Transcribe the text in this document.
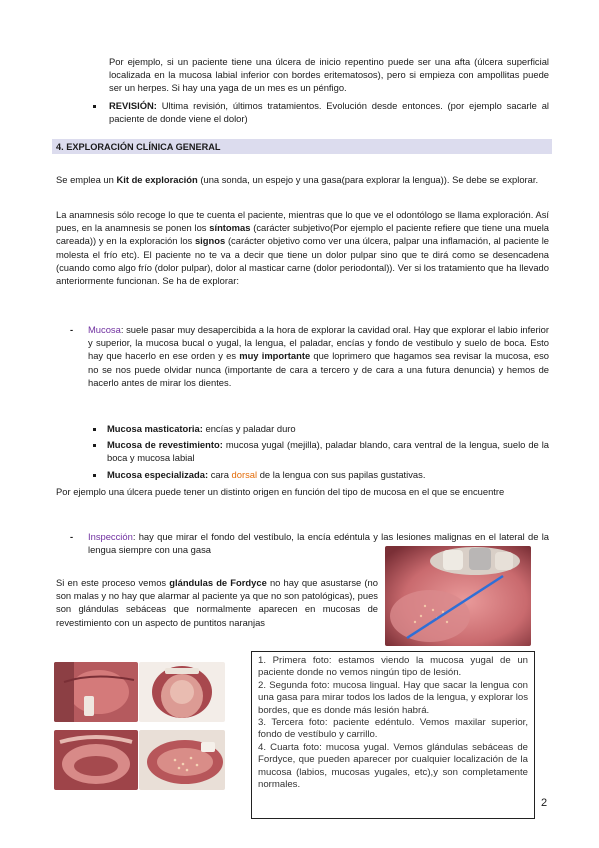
Por ejemplo, si un paciente tiene una úlcera de inicio repentino puede ser una afta (úlcera superficial localizada en la mucosa labial inferior con bordes eritematosos), pero si empieza con ampollitas puede ser un herpes. Si hay una yaga de un mes es un pénfigo.

REVISIÓN: Ultima revisión, últimos tratamientos. Evolución desde entonces. (por ejemplo sacarle al paciente de donde viene el dolor)

4. EXPLORACIÓN CLÍNICA GENERAL

Se emplea un Kit de exploración (una sonda, un espejo y una gasa(para explorar la lengua)). Se debe se explorar.

La anamnesis sólo recoge lo que te cuenta el paciente, mientras que lo que ve el odontólogo se llama exploración. Así pues, en la anamnesis se ponen los síntomas (carácter subjetivo(Por ejemplo el paciente refiere que tiene una muela careada)) y en la exploración los signos (carácter objetivo como ver una úlcera, palpar una inflamación, al paciente le molesta el frío etc). El paciente no te va a decir que tiene un dolor pulpar sino que te dirá como se desencadena (cuando como algo frío (dolor pulpar), dolor al masticar carne (dolor periodontal)). Ver si los tratamiento que ha llevado anteriormente funcionan. Se ha de explorar:

- Mucosa: suele pasar muy desapercibida a la hora de explorar la cavidad oral. Hay que explorar el labio inferior y superior, la mucosa bucal o yugal, la lengua, el paladar, encías y fondo de vestibulo y suelo de boca. Esto hay que hacerlo en ese orden y es muy importante que loprimero que hagamos sea revisar la mucosa, eso no se nos puede olvidar nunca (importante de cara a tercero y de cara a una futura denuncia) y hemos de hacerlo antes de mirar los dientes.

Mucosa masticatoria: encías y paladar duro

Mucosa de revestimiento: mucosa yugal (mejilla), paladar blando, cara ventral de la lengua, suelo de la boca y mucosa labial

Mucosa especializada: cara dorsal de la lengua con sus papilas gustativas.

Por ejemplo una úlcera puede tener un distinto origen en función del tipo de mucosa en el que se encuentre

- Inspección: hay que mirar el fondo del vestíbulo, la encía edéntula y las lesiones malignas en el lateral de la lengua siempre con una gasa

Si en este proceso vemos glándulas de Fordyce no hay que asustarse (no son malas y no hay que alarmar al paciente ya que no son patológicas), pues son glándulas sebáceas que normalmente aparecen en mucosas de revestimiento con un aspecto de puntitos naranjas

1. Primera foto: estamos viendo la mucosa yugal de un paciente donde no vemos ningún tipo de lesión.

2. Segunda foto: mucosa lingual. Hay que sacar la lengua con una gasa para mirar todos los lados de la lengua, y explorar los bordes, que es donde más lesión habrá.

3. Tercera foto: paciente edéntulo. Vemos maxilar superior, fondo de vestíbulo y carrillo.

4. Cuarta foto: mucosa yugal. Vemos glándulas sebáceas de Fordyce, que pueden aparecer por cualquier localización de la mucosa (labios, mucosas yugales, etc),y son completamente normales.

2
